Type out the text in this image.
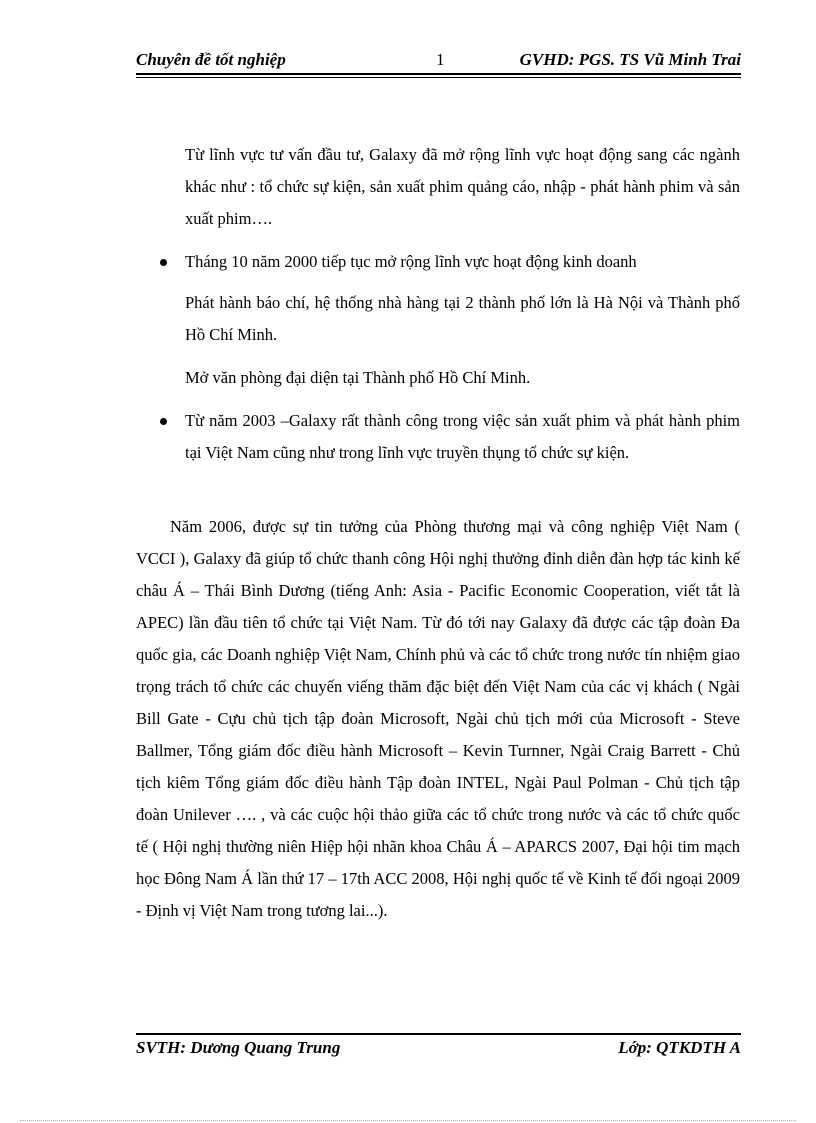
Chuyên đề tốt nghiệp	1	GVHD: PGS. TS Vũ Minh Trai

Từ lĩnh vực tư vấn đầu tư, Galaxy đã mở rộng lĩnh vực hoạt động sang các ngành khác như : tổ chức sự kiện, sản xuất phim quảng cáo, nhập - phát hành phim và sản xuất phim….

Tháng 10 năm 2000 tiếp tục mở rộng lĩnh vực hoạt động kinh doanh

Phát hành báo chí, hệ thống nhà hàng tại 2 thành phố lớn là Hà Nội và Thành phố Hồ Chí Minh.

Mở văn phòng đại diện tại Thành phố Hồ Chí Minh.

Từ năm 2003 –Galaxy rất thành công trong việc sản xuất phim và phát hành phim tại Việt Nam cũng như trong lĩnh vực truyền thụng tổ chức sự kiện.

Năm 2006, được sự tin tưởng của Phòng thương mại và công nghiệp Việt Nam ( VCCI ), Galaxy đã giúp tổ chức thanh công Hội nghị thưởng đỉnh diễn đàn hợp tác kinh kế châu Á – Thái Bình Dương (tiếng Anh: Asia - Pacific Economic Cooperation, viết tắt là APEC) lần đầu tiên tổ chức tại Việt Nam. Từ đó tới nay Galaxy đã được các tập đoàn Đa quốc gia, các Doanh nghiệp Việt Nam, Chính phủ và các tổ chức trong nước tín nhiệm giao trọng trách tổ chức các chuyến viếng thăm đặc biệt đến Việt Nam của các vị khách ( Ngài Bill Gate - Cựu chủ tịch tập đoàn Microsoft, Ngài chủ tịch mới của Microsoft - Steve Ballmer, Tổng giám đốc điều hành Microsoft – Kevin Turnner, Ngài Craig Barrett - Chủ tịch kiêm Tổng giám đốc điều hành Tập đoàn INTEL, Ngài Paul Polman - Chủ tịch tập đoàn Unilever …. , và các cuộc hội thảo giữa các tổ chức trong nước và các tổ chức quốc tế ( Hội nghị thường niên Hiệp hội nhãn khoa Châu Á – APARCS 2007, Đại hội tim mạch học Đông Nam Á lần thứ 17 – 17th ACC 2008, Hội nghị quốc tế về Kinh tế đối ngoại 2009 - Định vị Việt Nam trong tương lai...).

SVTH: Dương Quang Trung	Lớp: QTKDTH A
